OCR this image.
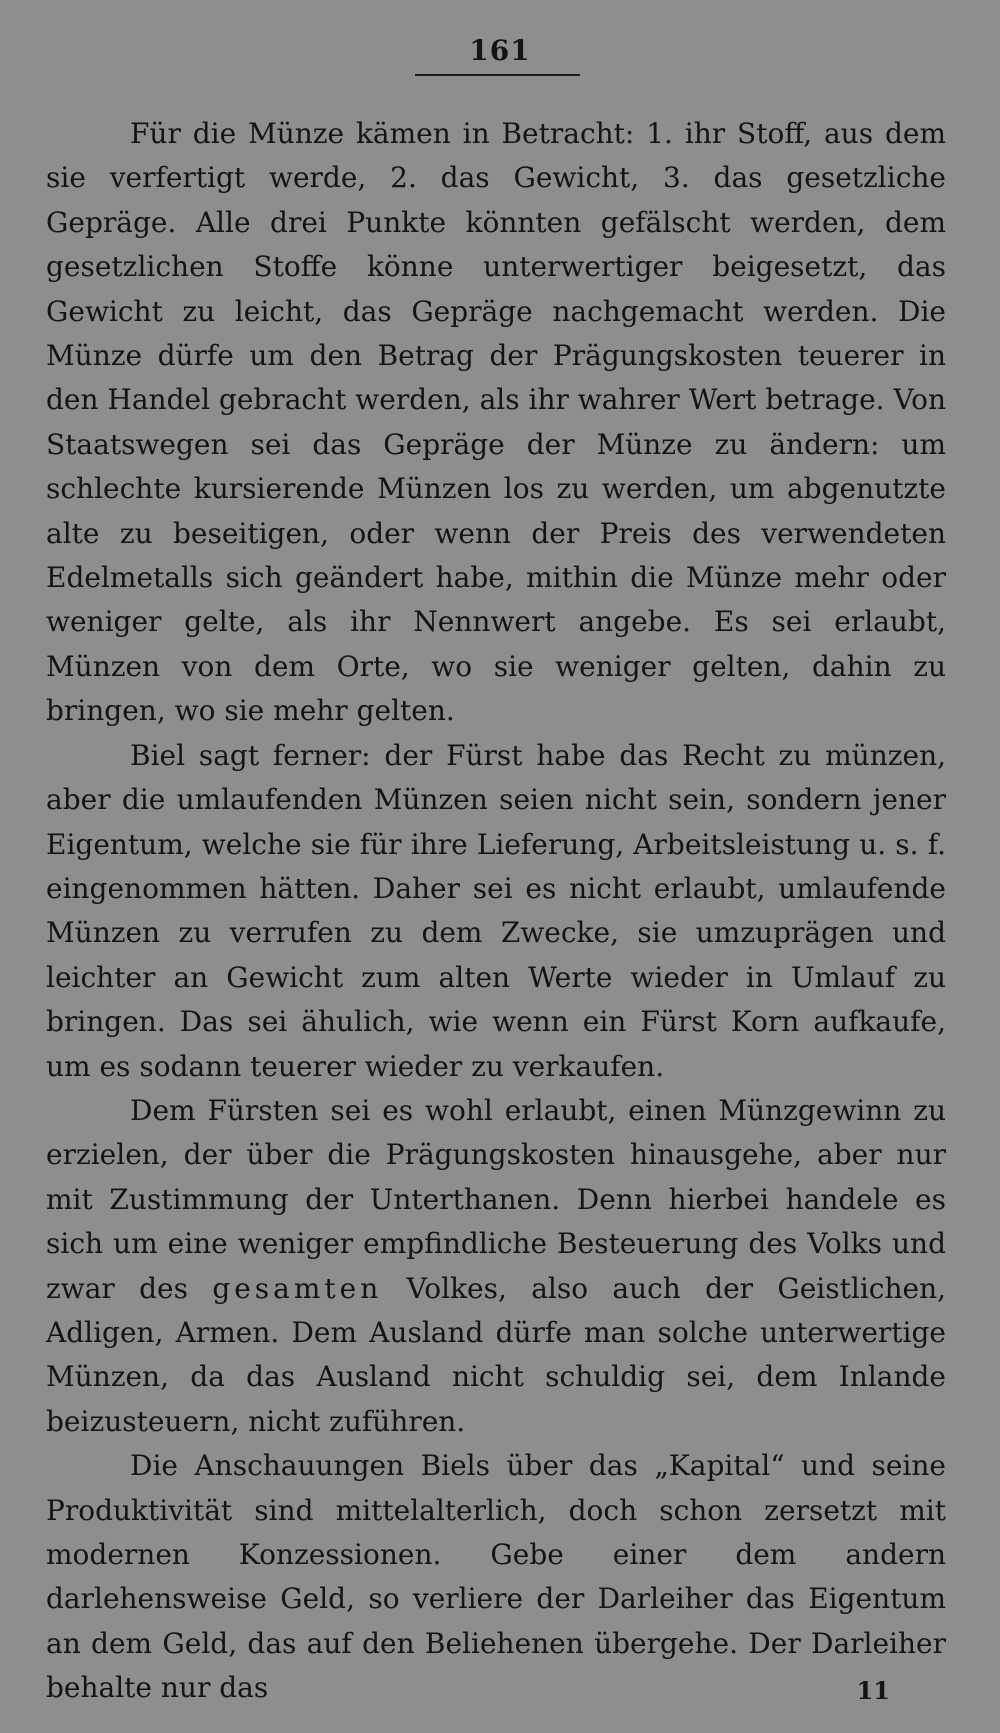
161

Für die Münze kämen in Betracht: 1. ihr Stoff, aus dem sie verfertigt werde, 2. das Gewicht, 3. das gesetzliche Gepräge. Alle drei Punkte könnten gefälscht werden, dem gesetzlichen Stoffe könne unterwertiger beigesetzt, das Gewicht zu leicht, das Gepräge nachgemacht werden. Die Münze dürfe um den Betrag der Prägungskosten teuerer in den Handel gebracht werden, als ihr wahrer Wert betrage. Von Staatswegen sei das Gepräge der Münze zu ändern: um schlechte kursierende Münzen los zu werden, um abgenutzte alte zu beseitigen, oder wenn der Preis des verwendeten Edelmetalls sich geändert habe, mithin die Münze mehr oder weniger gelte, als ihr Nennwert angebe. Es sei erlaubt, Münzen von dem Orte, wo sie weniger gelten, dahin zu bringen, wo sie mehr gelten.

Biel sagt ferner: der Fürst habe das Recht zu münzen, aber die umlaufenden Münzen seien nicht sein, sondern jener Eigentum, welche sie für ihre Lieferung, Arbeitsleistung u. s. f. eingenommen hätten. Daher sei es nicht erlaubt, umlaufende Münzen zu verrufen zu dem Zwecke, sie umzuprägen und leichter an Gewicht zum alten Werte wieder in Umlauf zu bringen. Das sei ähulich, wie wenn ein Fürst Korn aufkaufe, um es sodann teuerer wieder zu verkaufen.

Dem Fürsten sei es wohl erlaubt, einen Münzgewinn zu erzielen, der über die Prägungskosten hinausgehe, aber nur mit Zustimmung der Unterthanen. Denn hierbei handele es sich um eine weniger empfindliche Besteuerung des Volks und zwar des gesamten Volkes, also auch der Geistlichen, Adligen, Armen. Dem Ausland dürfe man solche unterwertige Münzen, da das Ausland nicht schuldig sei, dem Inlande beizusteuern, nicht zuführen.

Die Anschauungen Biels über das „Kapital“ und seine Produktivität sind mittelalterlich, doch schon zersetzt mit modernen Konzessionen. Gebe einer dem andern darlehensweise Geld, so verliere der Darleiher das Eigentum an dem Geld, das auf den Beliehenen übergehe. Der Darleiher behalte nur das	11
